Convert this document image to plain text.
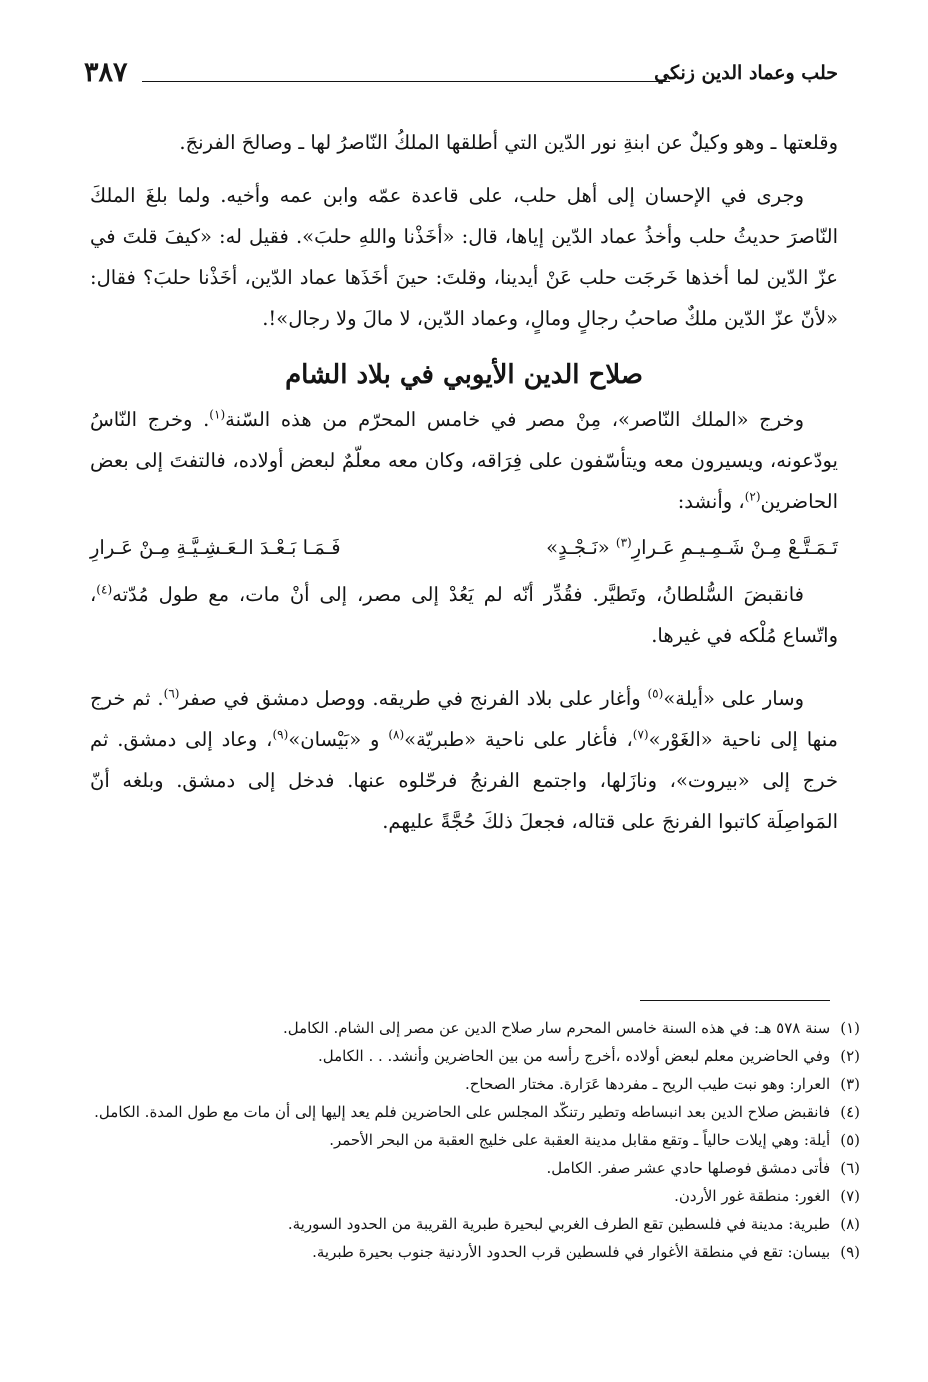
حلب وعماد الدين زنكي
٣٨٧

وقلعتها ـ وهو وكيلٌ عن ابنةِ نور الدّين التي أطلقها الملكُ النّاصرُ لها ـ وصالحَ الفرنجَ.

وجرى في الإحسان إلى أهل حلب، على قاعدة عمّه وابن عمه وأخيه. ولما بلغَ الملكَ النّاصرَ حديثُ حلب وأخذُ عماد الدّين إياها، قال: «أخَذْنا واللهِ حلبَ». فقيل له: «كيفَ قلتَ في عزّ الدّين لما أخذها خَرجَت حلب عَنْ أيدينا، وقلتَ: حينَ أخَذَها عماد الدّين، أخَذْنا حلبَ؟ فقال: «لأنّ عزّ الدّين ملكٌ صاحبُ رجالٍ ومالٍ، وعماد الدّين، لا مالَ ولا رجال»!.

صلاح الدين الأيوبي في بلاد الشام

وخرج «الملك النّاصر»، مِنْ مصر في خامس المحرّم من هذه السّنة$^{(١)}$. وخرج النّاسُ يودّعونه، ويسيرون معه ويتأسّفون على فِرَاقه، وكان معه معلّمٌ لبعض أولاده، فالتفتَ إلى بعض الحاضرين$^{(٢)}$، وأنشد:

تَـمَـتَّـعْ مِـنْ شَـمِـيـمِ عَـرارِ$^{(٣)}$ «نَـجْـدٍ»
فَـمَـا بَـعْـدَ الـعَـشِـيَّـةِ مِـنْ عَـرارِ

فانقبضَ السُّلطانُ، وتَطيَّر. فقُدِّر أنّه لم يَعُدْ إلى مصر، إلى أنْ مات، مع طول مُدّته$^{(٤)}$، واتّساع مُلْكه في غيرها.

وسار على «أيلة»$^{(٥)}$ وأغار على بلاد الفرنج في طريقه. ووصل دمشق في صفر$^{(٦)}$. ثم خرج منها إلى ناحية «الغَوْر»$^{(٧)}$، فأغار على ناحية «طبريّة»$^{(٨)}$ و «بَيْسان»$^{(٩)}$، وعاد إلى دمشق. ثم خرج إلى «بيروت»، ونازَلها، واجتمع الفرنجُ فرحّلوه عنها. فدخل إلى دمشق. وبلغه أنّ المَواصِلَة كاتبوا الفرنجَ على قتاله، فجعلَ ذلكَ حُجَّةً عليهم.

(١)
سنة ٥٧٨ هـ: في هذه السنة خامس المحرم سار صلاح الدين عن مصر إلى الشام. الكامل.
(٢)
وفي الحاضرين معلم لبعض أولاده ،أخرج رأسه من بين الحاضرين وأنشد. . . الكامل.
(٣)
العرار: وهو نبت طيب الريح ـ مفردها عَرَارة. مختار الصحاح.
(٤)
فانقبض صلاح الدين بعد انبساطه وتطير رتنكّد المجلس على الحاضرين فلم يعد إليها إلى أن مات مع طول المدة. الكامل.
(٥)
أيلة: وهي إيلات حالياً ـ وتقع مقابل مدينة العقبة على خليج العقبة من البحر الأحمر.
(٦)
فأتى دمشق فوصلها حادي عشر صفر. الكامل.
(٧)
الغور: منطقة غور الأردن.
(٨)
طبرية: مدينة في فلسطين تقع الطرف الغربي لبحيرة طبرية القريبة من الحدود السورية.
(٩)
بيسان: تقع في منطقة الأغوار في فلسطين قرب الحدود الأردنية جنوب بحيرة طبرية.
